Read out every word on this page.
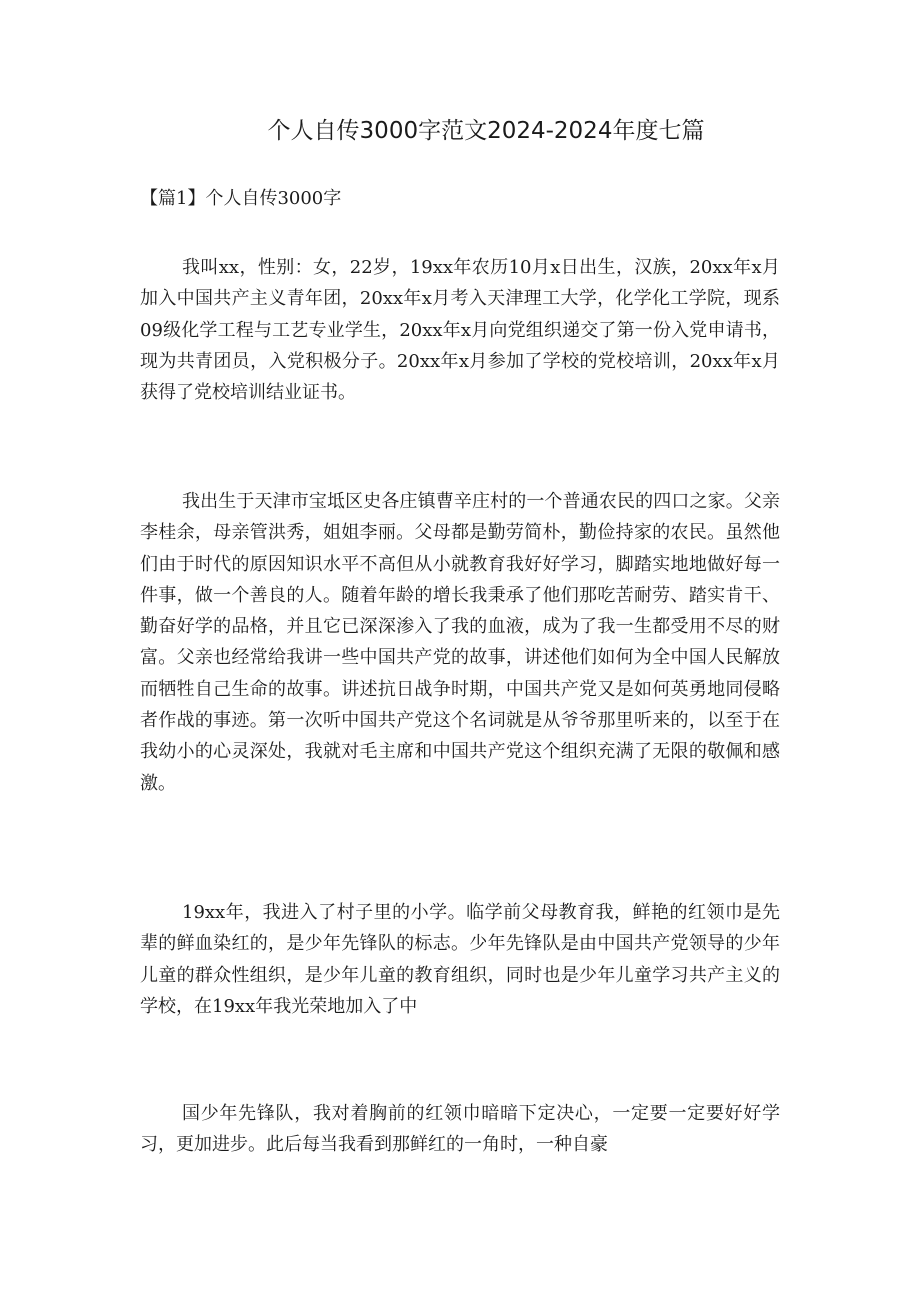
个人自传3000字范文2024-2024年度七篇
【篇1】个人自传3000字

我叫xx，性别：女，22岁，19xx年农历10月x日出生，汉族，20xx年x月加入中国共产主义青年团，20xx年x月考入天津理工大学，化学化工学院，现系09级化学工程与工艺专业学生，20xx年x月向党组织递交了第一份入党申请书，现为共青团员，入党积极分子。20xx年x月参加了学校的党校培训，20xx年x月获得了党校培训结业证书。

我出生于天津市宝坻区史各庄镇曹辛庄村的一个普通农民的四口之家。父亲李桂余，母亲管洪秀，姐姐李丽。父母都是勤劳简朴，勤俭持家的农民。虽然他们由于时代的原因知识水平不高但从小就教育我好好学习，脚踏实地地做好每一件事，做一个善良的人。随着年龄的增长我秉承了他们那吃苦耐劳、踏实肯干、勤奋好学的品格，并且它已深深渗入了我的血液，成为了我一生都受用不尽的财富。父亲也经常给我讲一些中国共产党的故事，讲述他们如何为全中国人民解放而牺牲自己生命的故事。讲述抗日战争时期，中国共产党又是如何英勇地同侵略者作战的事迹。第一次听中国共产党这个名词就是从爷爷那里听来的，以至于在我幼小的心灵深处，我就对毛主席和中国共产党这个组织充满了无限的敬佩和感激。

19xx年，我进入了村子里的小学。临学前父母教育我，鲜艳的红领巾是先辈的鲜血染红的，是少年先锋队的标志。少年先锋队是由中国共产党领导的少年儿童的群众性组织，是少年儿童的教育组织，同时也是少年儿童学习共产主义的学校，在19xx年我光荣地加入了中

国少年先锋队，我对着胸前的红领巾暗暗下定决心，一定要一定要好好学习，更加进步。此后每当我看到那鲜红的一角时，一种自豪
